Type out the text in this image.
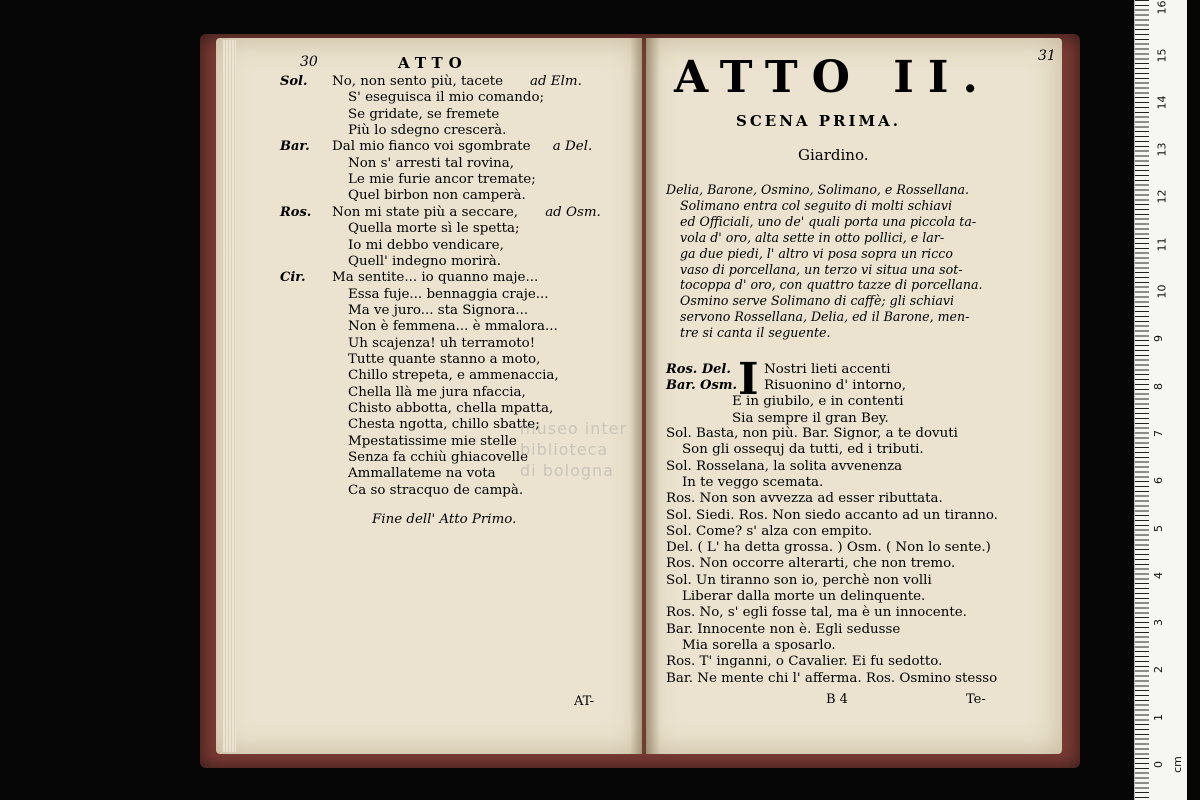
30	ATTO
Sol. No, non sento più, tacete ad Elm.
S' eseguisca il mio comando;
Se gridate, se fremete
Più lo sdegno crescerà.
Bar. Dal mio fianco voi sgombrate a Del.
Non s' arresti tal rovina,
Le mie furie ancor tremate;
Quel birbon non camperà.
Ros. Non mi state più a seccare, ad Osm.
Quella morte sì le spetta;
Io mi debbo vendicare,
Quell' indegno morirà.
Cir. Ma sentite... io quanno maje...
Essa fuje... bennaggia craje...
Ma ve juro... sta Signora...
Non è femmena... è mmalora...
Uh scajenza! uh terramoto!
Tutte quante stanno a moto,
Chillo strepeta, e ammenaccia,
Chella llà me jura nfaccia,
Chisto abbotta, chella mpatta,
Chesta ngotta, chillo sbatte;
Mpestatissime mie stelle
Senza fa cchiù ghiacovelle
Ammallateme na vota
Ca so stracquo de campà.
Fine dell' Atto Primo.
AT-
museo inter
biblioteca
di bologna
31
ATTO II.
SCENA PRIMA.
Giardino.
Delia, Barone, Osmino, Solimano, e Rossellana.
Solimano entra col seguito di molti schiavi
ed Officiali, uno de' quali porta una piccola ta-
vola d' oro, alta sette in otto pollici, e lar-
ga due piedi, l' altro vi posa sopra un ricco
vaso di porcellana, un terzo vi situa una sot-
tocoppa d' oro, con quattro tazze di porcellana.
Osmino serve Solimano di caffè; gli schiavi
servono Rossellana, Delia, ed il Barone, men-
tre si canta il seguente.
I
Ros. Del. Nostri lieti accenti
Bar. Osm. Risuonino d' intorno,
E in giubilo, e in contenti
Sia sempre il gran Bey.
Sol. Basta, non più. Bar. Signor, a te dovuti
Son gli ossequj da tutti, ed i tributi.
Sol. Rosselana, la solita avvenenza
In te veggo scemata.
Ros. Non son avvezza ad esser ributtata.
Sol. Siedi. Ros. Non siedo accanto ad un tiranno.
Sol. Come? s' alza con empito.
Del. ( L' ha detta grossa. ) Osm. ( Non lo sente.)
Ros. Non occorre alterarti, che non tremo.
Sol. Un tiranno son io, perchè non volli
Liberar dalla morte un delinquente.
Ros. No, s' egli fosse tal, ma è un innocente.
Bar. Innocente non è. Egli sedusse
Mia sorella a sposarlo.
Ros. T' inganni, o Cavalier. Ei fu sedotto.
Bar. Ne mente chi l' afferma. Ros. Osmino stesso
B 4	Te-
0
1
2
3
4
5
6
7
8
9
10
11
12
13
14
15
16
cm
